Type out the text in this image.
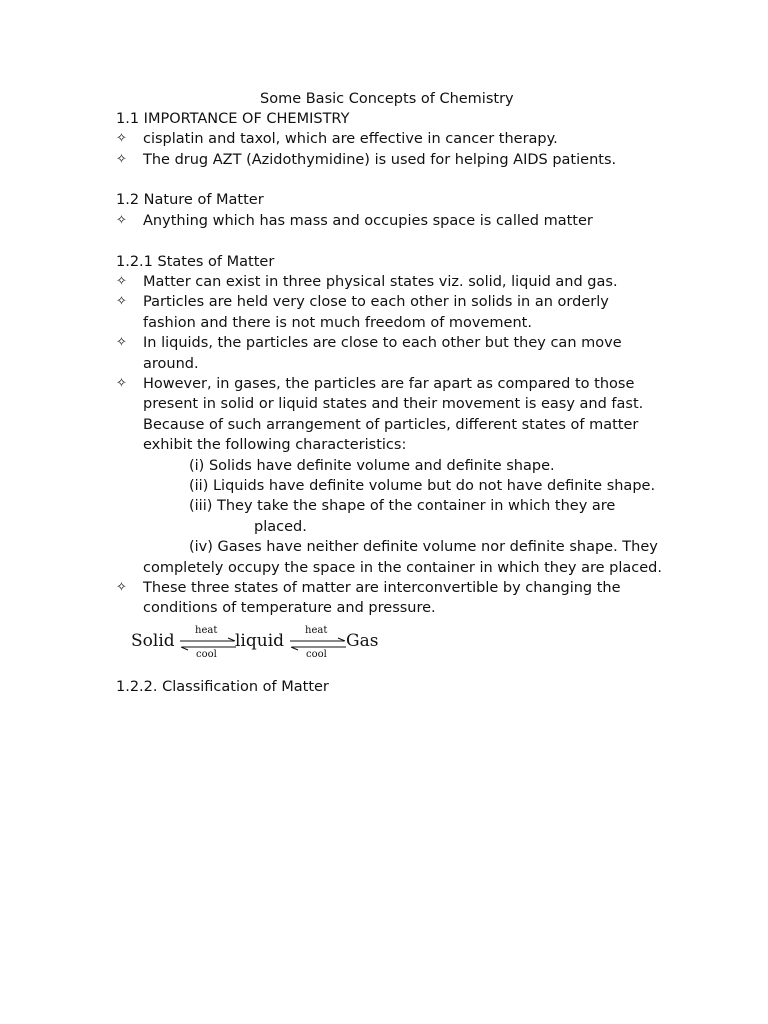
Some Basic Concepts of Chemistry
1.1 IMPORTANCE OF CHEMISTRY
✧ cisplatin and taxol, which are effective in cancer therapy.
✧ The drug AZT (Azidothymidine) is used for helping AIDS patients.
1.2 Nature of Matter
✧ Anything which has mass and occupies space is called matter
1.2.1 States of Matter
✧ Matter can exist in three physical states viz. solid, liquid and gas.
✧ Particles are held very close to each other in solids in an orderly
fashion and there is not much freedom of movement.
✧ In liquids, the particles are close to each other but they can move
around.
✧ However, in gases, the particles are far apart as compared to those
present in solid or liquid states and their movement is easy and fast.
Because of such arrangement of particles, different states of matter
exhibit the following characteristics:
(i) Solids have definite volume and definite shape.
(ii) Liquids have definite volume but do not have definite shape.
(iii) They take the shape of the container in which they are
placed.
(iv) Gases have neither definite volume nor definite shape. They
completely occupy the space in the container in which they are placed.
✧ These three states of matter are interconvertible by changing the
conditions of temperature and pressure.
Solid
heat
cool
liquid
heat
cool
Gas
1.2.2. Classification of Matter
